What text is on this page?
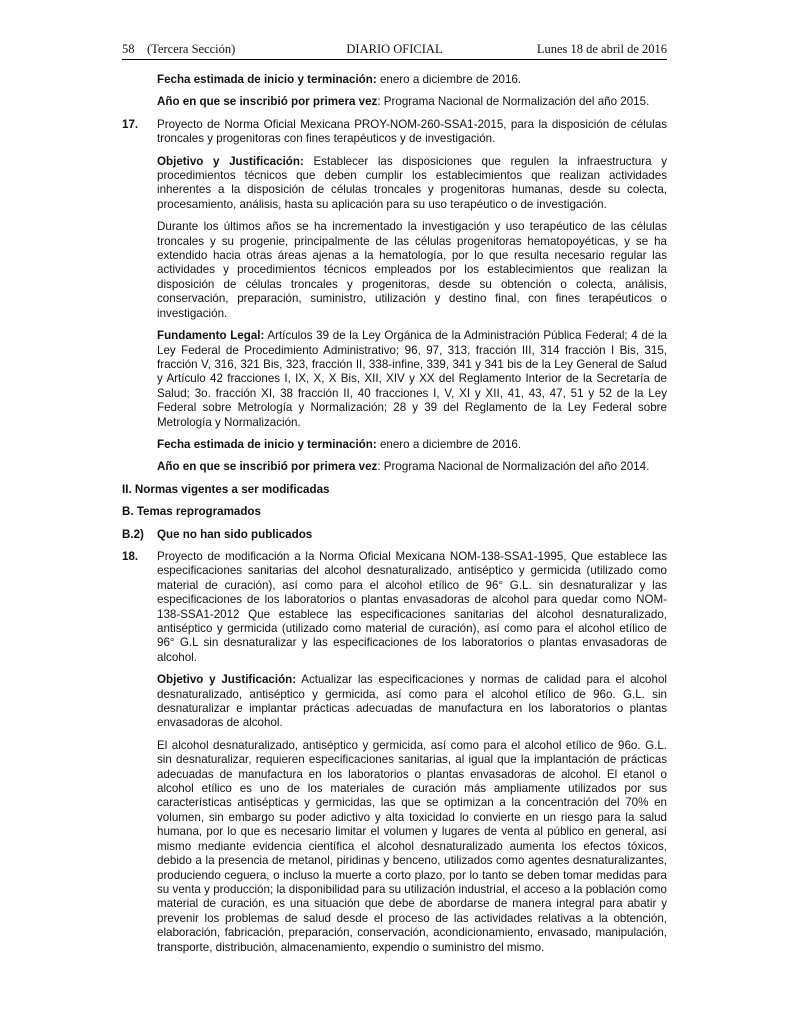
58 (Tercera Sección)	DIARIO OFICIAL	Lunes 18 de abril de 2016

Fecha estimada de inicio y terminación: enero a diciembre de 2016.

Año en que se inscribió por primera vez: Programa Nacional de Normalización del año 2015.

17. Proyecto de Norma Oficial Mexicana PROY-NOM-260-SSA1-2015, para la disposición de células troncales y progenitoras con fines terapéuticos y de investigación.

Objetivo y Justificación: Establecer las disposiciones que regulen la infraestructura y procedimientos técnicos que deben cumplir los establecimientos que realizan actividades inherentes a la disposición de células troncales y progenitoras humanas, desde su colecta, procesamiento, análisis, hasta su aplicación para su uso terapéutico o de investigación.

Durante los últimos años se ha incrementado la investigación y uso terapéutico de las células troncales y su progenie, principalmente de las células progenitoras hematopoyéticas, y se ha extendido hacia otras áreas ajenas a la hematología, por lo que resulta necesario regular las actividades y procedimientos técnicos empleados por los establecimientos que realizan la disposición de células troncales y progenitoras, desde su obtención o colecta, análisis, conservación, preparación, suministro, utilización y destino final, con fines terapéuticos o investigación.

Fundamento Legal: Artículos 39 de la Ley Orgánica de la Administración Pública Federal; 4 de la Ley Federal de Procedimiento Administrativo; 96, 97, 313, fracción III, 314 fracción I Bis, 315, fracción V, 316, 321 Bis, 323, fracción II, 338-infine, 339, 341 y 341 bis de la Ley General de Salud y Artículo 42 fracciones I, IX, X, X Bis, XII, XIV y XX del Reglamento Interior de la Secretaría de Salud; 3o. fracción XI, 38 fracción II, 40 fracciones I, V, XI y XII, 41, 43, 47, 51 y 52 de la Ley Federal sobre Metrología y Normalización; 28 y 39 del Reglamento de la Ley Federal sobre Metrología y Normalización.

Fecha estimada de inicio y terminación: enero a diciembre de 2016.

Año en que se inscribió por primera vez: Programa Nacional de Normalización del año 2014.

II. Normas vigentes a ser modificadas
B. Temas reprogramados
B.2) Que no han sido publicados
18. Proyecto de modificación a la Norma Oficial Mexicana NOM-138-SSA1-1995, Que establece las especificaciones sanitarias del alcohol desnaturalizado, antiséptico y germicida (utilizado como material de curación), así como para el alcohol etílico de 96° G.L. sin desnaturalizar y las especificaciones de los laboratorios o plantas envasadoras de alcohol para quedar como NOM-138-SSA1-2012 Que establece las especificaciones sanitarias del alcohol desnaturalizado, antiséptico y germicida (utilizado como material de curación), así como para el alcohol etílico de 96° G.L sin desnaturalizar y las especificaciones de los laboratorios o plantas envasadoras de alcohol.

Objetivo y Justificación: Actualizar las especificaciones y normas de calidad para el alcohol desnaturalizado, antiséptico y germicida, así como para el alcohol etílico de 96o. G.L. sin desnaturalizar e implantar prácticas adecuadas de manufactura en los laboratorios o plantas envasadoras de alcohol.

El alcohol desnaturalizado, antiséptico y germicida, así como para el alcohol etílico de 96o. G.L. sin desnaturalizar, requieren especificaciones sanitarias, al igual que la implantación de prácticas adecuadas de manufactura en los laboratorios o plantas envasadoras de alcohol. El etanol o alcohol etílico es uno de los materiales de curación más ampliamente utilizados por sus características antisépticas y germicidas, las que se optimizan a la concentración del 70% en volumen, sin embargo su poder adictivo y alta toxicidad lo convierte en un riesgo para la salud humana, por lo que es necesario limitar el volumen y lugares de venta al público en general, así mismo mediante evidencia científica el alcohol desnaturalizado aumenta los efectos tóxicos, debido a la presencia de metanol, piridinas y benceno, utilizados como agentes desnaturalizantes, produciendo ceguera, o incluso la muerte a corto plazo, por lo tanto se deben tomar medidas para su venta y producción; la disponibilidad para su utilización industrial, el acceso a la población como material de curación, es una situación que debe de abordarse de manera integral para abatir y prevenir los problemas de salud desde el proceso de las actividades relativas a la obtención, elaboración, fabricación, preparación, conservación, acondicionamiento, envasado, manipulación, transporte, distribución, almacenamiento, expendio o suministro del mismo.
